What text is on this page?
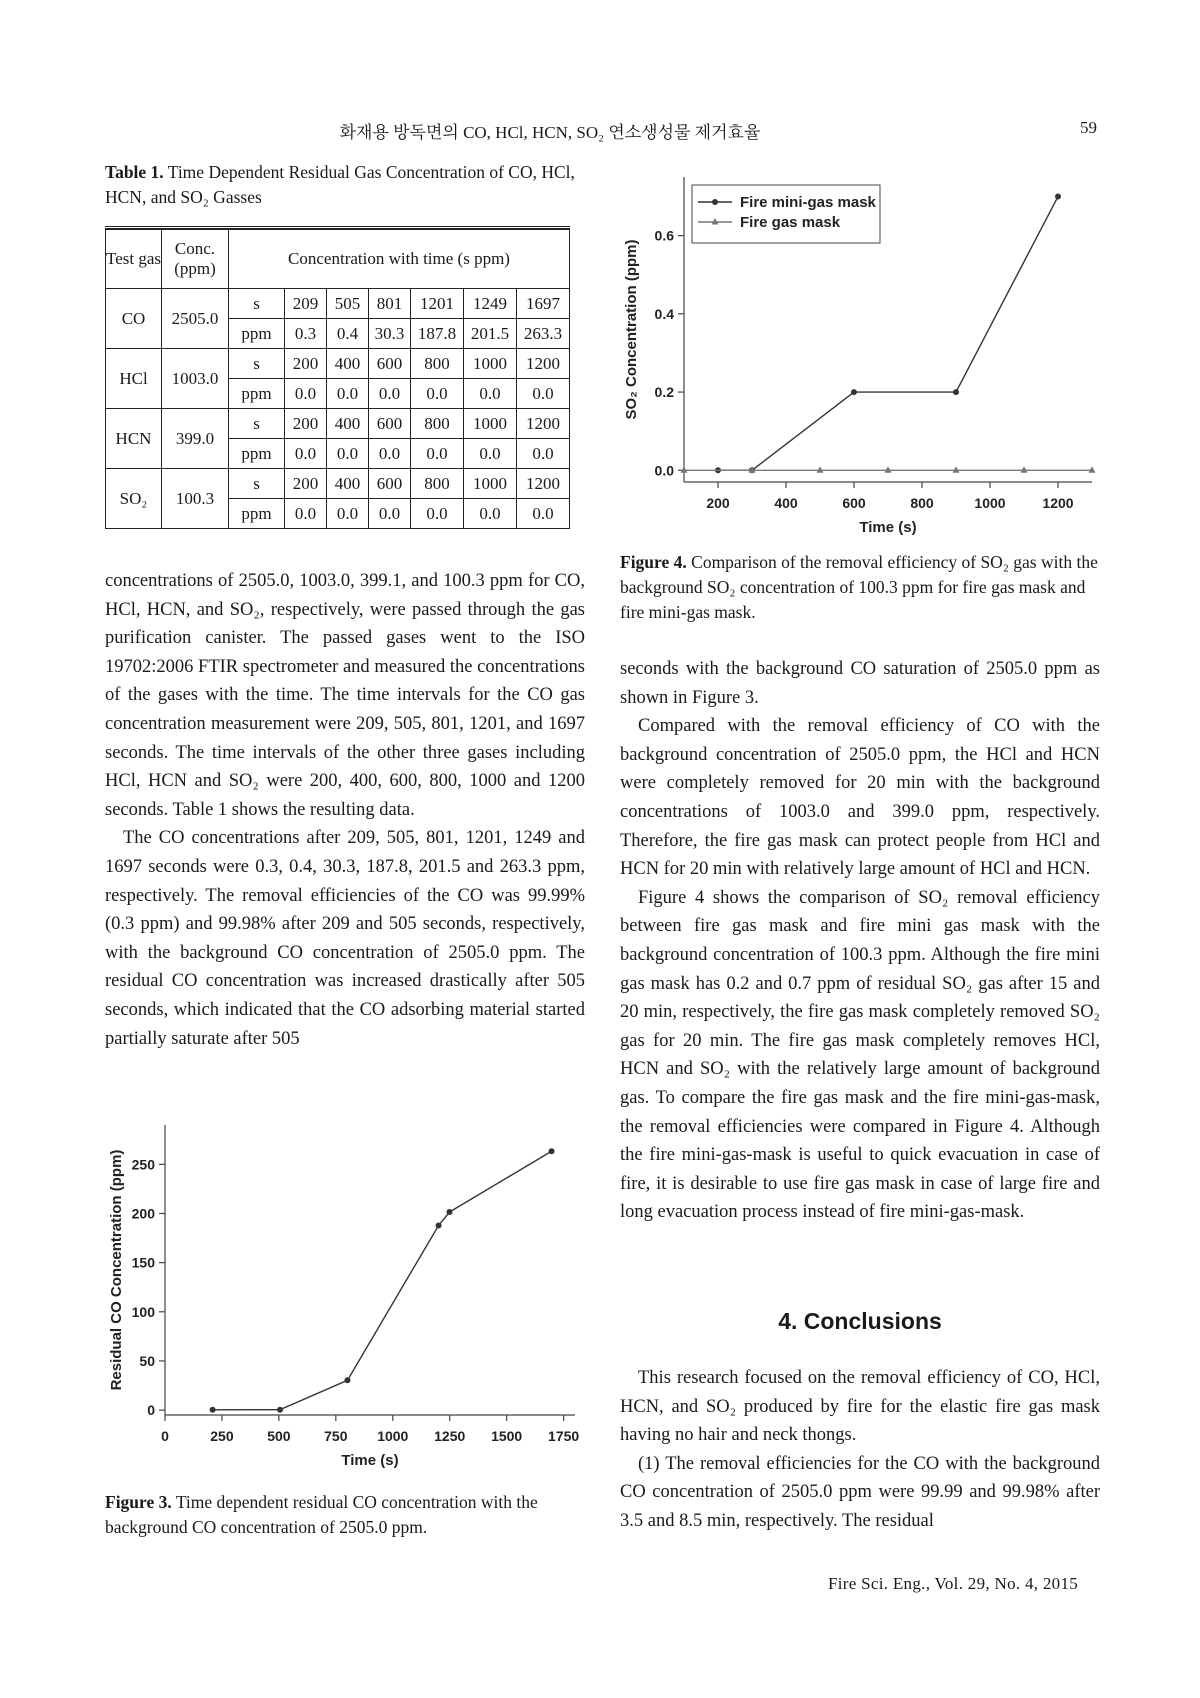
화재용 방독면의 CO, HCl, HCN, SO₂ 연소생성물 제거효율	59
Table 1. Time Dependent Residual Gas Concentration of CO, HCl, HCN, and SO₂ Gasses
Test gas	Conc. (ppm)	Concentration with time (s ppm)						
CO	2505.0	s	209	505	801	1201	1249	1697
		ppm	0.3	0.4	30.3	187.8	201.5	263.3
HCl	1003.0	s	200	400	600	800	1000	1200
		ppm	0.0	0.0	0.0	0.0	0.0	0.0
HCN	399.0	s	200	400	600	800	1000	1200
		ppm	0.0	0.0	0.0	0.0	0.0	0.0
SO₂	100.3	s	200	400	600	800	1000	1200
		ppm	0.0	0.0	0.0	0.0	0.0	0.0
0
50
100
150
200
250
0	250 500 750 1000 1250 1500 1750
Time (s)
Residual CO Concentration (ppm)
Figure 3. Time dependent residual CO concentration with the background CO concentration of 2505.0 ppm.

concentrations of 2505.0, 1003.0, 399.1, and 100.3 ppm for CO, HCl, HCN, and SO₂, respectively, were passed through the gas purification canister. The passed gases went to the ISO 19702:2006 FTIR spectrometer and measured the concentrations of the gases with the time. The time intervals for the CO gas concentration measurement were 209, 505, 801, 1201, and 1697 seconds. The time intervals of the other three gases including HCl, HCN and SO₂ were 200, 400, 600, 800, 1000 and 1200 seconds. Table 1 shows the resulting data.

The CO concentrations after 209, 505, 801, 1201, 1249 and 1697 seconds were 0.3, 0.4, 30.3, 187.8, 201.5 and 263.3 ppm, respectively. The removal efficiencies of the CO was 99.99% (0.3 ppm) and 99.98% after 209 and 505 seconds, respectively, with the background CO concentration of 2505.0 ppm. The residual CO concentration was increased drastically after 505 seconds, which indicated that the CO adsorbing material started partially saturate after 505

0.0
0.2
0.4
0.6
200	400	600	800	1000	1200
Time (s)
SO₂ Concentration (ppm)
Fire mini-gas mask
Fire gas mask
Figure 4. Comparison of the removal efficiency of SO₂ gas with the background SO₂ concentration of 100.3 ppm for fire gas mask and fire mini-gas mask.

seconds with the background CO saturation of 2505.0 ppm as shown in Figure 3.

Compared with the removal efficiency of CO with the background concentration of 2505.0 ppm, the HCl and HCN were completely removed for 20 min with the background concentrations of 1003.0 and 399.0 ppm, respectively. Therefore, the fire gas mask can protect people from HCl and HCN for 20 min with relatively large amount of HCl and HCN.

Figure 4 shows the comparison of SO₂ removal efficiency between fire gas mask and fire mini gas mask with the background concentration of 100.3 ppm. Although the fire mini gas mask has 0.2 and 0.7 ppm of residual SO₂ gas after 15 and 20 min, respectively, the fire gas mask completely removed SO₂ gas for 20 min. The fire gas mask completely removes HCl, HCN and SO₂ with the relatively large amount of background gas. To compare the fire gas mask and the fire mini-gas-mask, the removal efficiencies were compared in Figure 4. Although the fire mini-gas-mask is useful to quick evacuation in case of fire, it is desirable to use fire gas mask in case of large fire and long evacuation process instead of fire mini-gas-mask.

4. Conclusions

This research focused on the removal efficiency of CO, HCl, HCN, and SO₂ produced by fire for the elastic fire gas mask having no hair and neck thongs.

(1) The removal efficiencies for the CO with the background CO concentration of 2505.0 ppm were 99.99 and 99.98% after 3.5 and 8.5 min, respectively. The residual

Fire Sci. Eng., Vol. 29, No. 4, 2015
